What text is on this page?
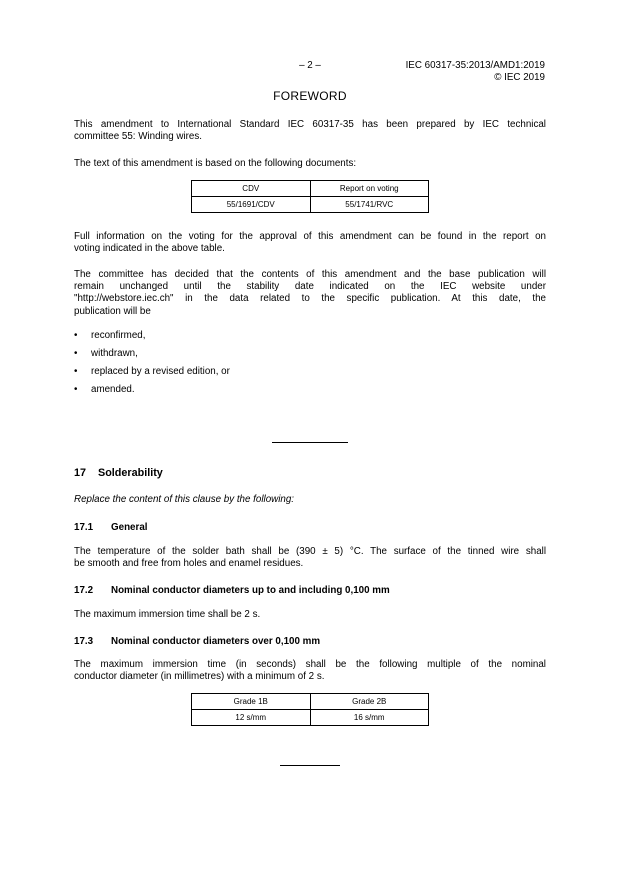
– 2 –	IEC 60317-35:2013/AMD1:2019
© IEC 2019
FOREWORD
This amendment to International Standard IEC 60317-35 has been prepared by IEC technical
committee 55: Winding wires.
The text of this amendment is based on the following documents:
CDV	Report on voting
55/1691/CDV	55/1741/RVC
Full information on the voting for the approval of this amendment can be found in the report on
voting indicated in the above table.
The committee has decided that the contents of this amendment and the base publication will
remain unchanged until the stability date indicated on the IEC website under
"http://webstore.iec.ch" in the data related to the specific publication. At this date, the
publication will be
• reconfirmed,
• withdrawn,
• replaced by a revised edition, or
• amended.
17 Solderability
Replace the content of this clause by the following:
17.1 General
The temperature of the solder bath shall be (390 ± 5) °C. The surface of the tinned wire shall
be smooth and free from holes and enamel residues.
17.2 Nominal conductor diameters up to and including 0,100 mm
The maximum immersion time shall be 2 s.
17.3 Nominal conductor diameters over 0,100 mm
The maximum immersion time (in seconds) shall be the following multiple of the nominal
conductor diameter (in millimetres) with a minimum of 2 s.
Grade 1B	Grade 2B
12 s/mm	16 s/mm
